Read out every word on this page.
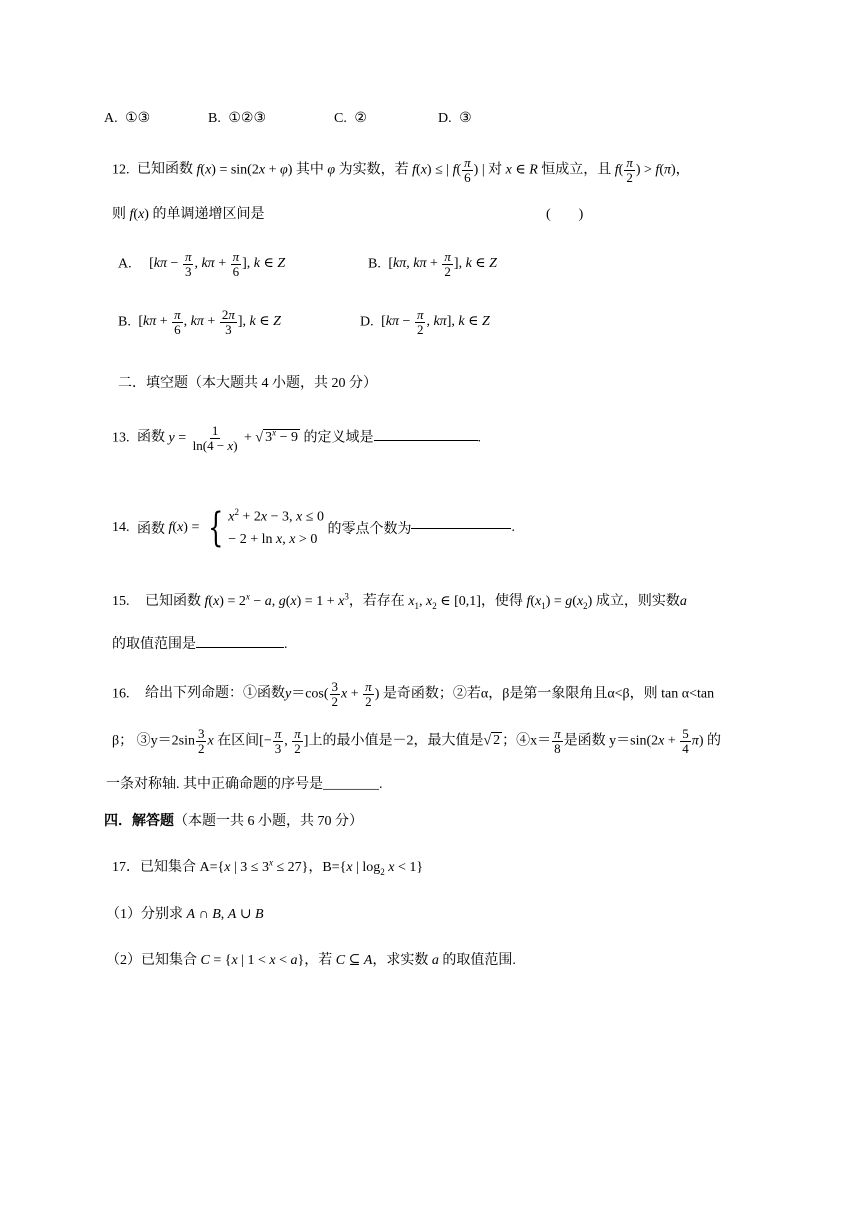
A. ①③	B. ①②③	C. ②	D. ③
12. 已知函数 f(x) = sin(2x + φ) 其中 φ 为实数，若 f(x) ≤ | $f( \frac{\pi}{6}$ ) | 对 x ∈ R 恒成立，且 $f( \frac{\pi}{2}$ ) > f(π)，
则 f(x) 的单调递增区间是	(　　)
A. [$k\pi - \frac{\pi}{3}$ , $k\pi + \frac{\pi}{6}$ ], k ∈ Z	B. [kπ, $k\pi + \frac{\pi}{2}$ ], k ∈ Z
B. [$k\pi + \frac{\pi}{6}$ , $k\pi + \frac{2\pi}{3}$ ], k ∈ Z	D. [$k\pi - \frac{\pi}{2}$ , kπ], k ∈ Z
二．填空题（本大题共 4 小题，共 20 分）
13. 函数 $y = \frac{1}{\ln(4 - x)}$ + √ $3^x - 9$ 的定义域是	.
14. 函数 f(x) = { $x^2 + 2x - 3$, x ≤ 0
− 2 + ln x, x > 0
的零点个数为	.
15. 已知函数 $f(x) = 2^x - a$, $g(x) = 1 + x^3$，若存在 $x_1$, $x_2$ ∈ [0,1]，使得 $f(x_1) = g(x_2)$ 成立，则实数a
的取值范围是	.
16. 给出下列命题：①函数$y=\cos( \frac{3}{2}$ $x + \frac{\pi}{2}$ ) 是奇函数；②若α，β是第一象限角且α<β，则 tan α<tan
β； ③y＝2sin $\frac{3}{2}$ x 在区间[− $\frac{\pi}{3}$ , $\frac{\pi}{2}$ ]上的最小值是－2，最大值是√ 2 ；④x＝ $\frac{\pi}{8}$ 是函数 $y=\sin(2x + \frac{5}{4} \pi)$ 的
一条对称轴. 其中正确命题的序号是________.
四．解答题（本题一共 6 小题，共 70 分）
17．已知集合 A={x | $3 \le 3^x \le 27$}，B={x | $\log_2 x < 1$}
（1）分别求 A ∩ B, A ∪ B
（2）已知集合 C = {x | 1 < x < a}，若 C ⊆ A，求实数 a 的取值范围.
